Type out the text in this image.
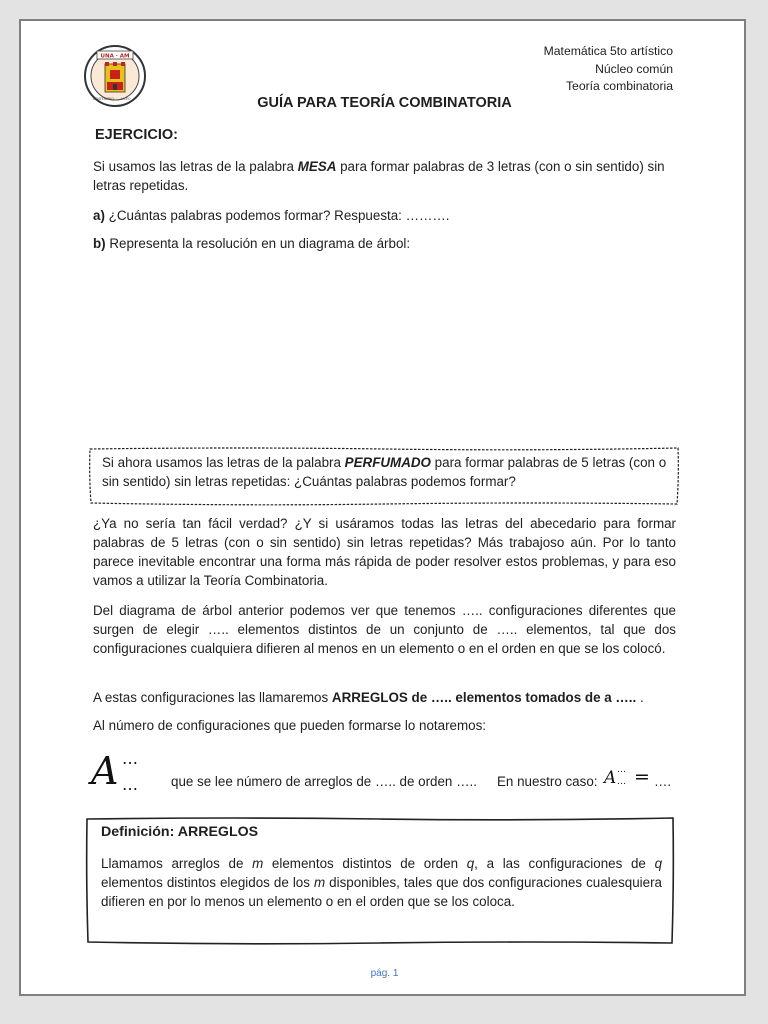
UNA · AM
CENTENARIO LICEO
Matemática 5to artístico
Núcleo común
Teoría combinatoria
GUÍA PARA TEORÍA COMBINATORIA
EJERCICIO:
Si usamos las letras de la palabra MESA para formar palabras de 3 letras (con o sin sentido) sin letras repetidas.
a) ¿Cuántas palabras podemos formar? Respuesta: ……….
b) Representa la resolución en un diagrama de árbol:
Si ahora usamos las letras de la palabra PERFUMADO para formar palabras de 5 letras (con o sin sentido) sin letras repetidas: ¿Cuántas palabras podemos formar?
¿Ya no sería tan fácil verdad? ¿Y si usáramos todas las letras del abecedario para formar palabras de 5 letras (con o sin sentido) sin letras repetidas? Más trabajoso aún. Por lo tanto parece inevitable encontrar una forma más rápida de poder resolver estos problemas, y para eso vamos a utilizar la Teoría Combinatoria.
Del diagrama de árbol anterior podemos ver que tenemos ….. configuraciones diferentes que surgen de elegir ….. elementos distintos de un conjunto de ….. elementos, tal que dos configuraciones cualquiera difieren al menos en un elemento o en el orden en que se los colocó.
A estas configuraciones las llamaremos ARREGLOS de ….. elementos tomados de a ….. .
Al número de configuraciones que pueden formarse lo notaremos:
A …
… que se lee número de arreglos de ….. de orden ….. En nuestro caso: A …
… = ….
Definición: ARREGLOS
Llamamos arreglos de m elementos distintos de orden q, a las configuraciones de q elementos distintos elegidos de los m disponibles, tales que dos configuraciones cualesquiera difieren en por lo menos un elemento o en el orden que se los coloca.
pág. 1
